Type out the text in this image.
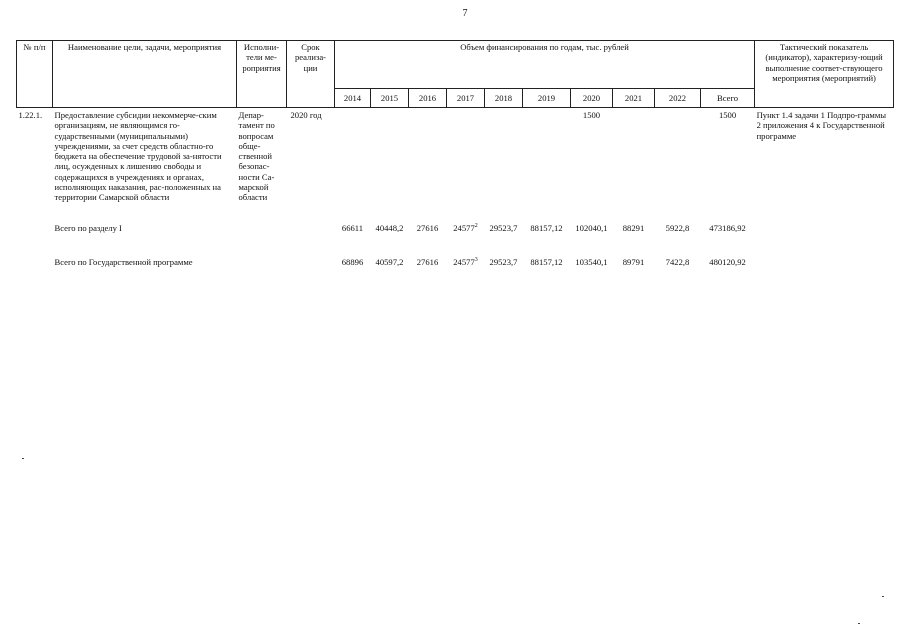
7
№ п/п	Наименование цели, задачи, мероприятия	Исполни-тели ме-роприятия	Срок реализа-ции	Объем финансирования по годам, тыс. рублей										Тактический показатель (индикатор), характеризу-ющий выполнение соответ-ствующего мероприятия (мероприятий)
				2014	2015	2016	2017	2018	2019	2020	2021	2022	Всего	
1.22.1.	Предоставление субсидии некоммерче-ским организациям, не являющимся го-сударственными (муниципальными) учреждениями, за счет средств областно-го бюджета на обеспечение трудовой за-нятости лиц, осужденных к лишению свободы и содержащихся в учреждениях и органах, исполняющих наказания, рас-положенных на территории Самарской области	Депар-тамент по вопросам обще-ственной безопас-ности Са-марской области	2020 год							1500			1500	Пункт 1.4 задачи 1 Подпро-граммы 2 приложения 4 к Государственной программе

	Всего по разделу I			66611	40448,2	27616	24577$^2$	29523,7	88157,12	102040,1	88291	5922,8	473186,92	

	Всего по Государственной программе			68896	40597,2	27616	24577$^3$	29523,7	88157,12	103540,1	89791	7422,8	480120,92	
